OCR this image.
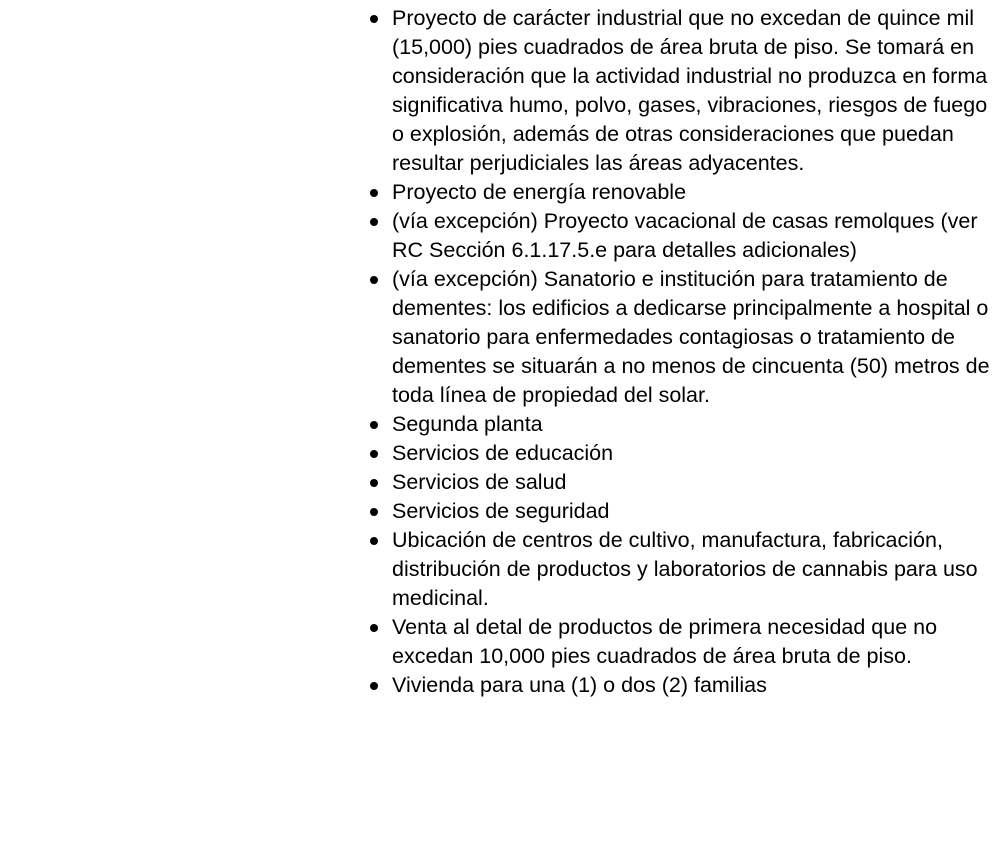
Proyecto de carácter industrial que no excedan de quince mil (15,000) pies cuadrados de área bruta de piso. Se tomará en consideración que la actividad industrial no produzca en forma significativa humo, polvo, gases, vibraciones, riesgos de fuego o explosión, además de otras consideraciones que puedan resultar perjudiciales las áreas adyacentes.
Proyecto de energía renovable
(vía excepción) Proyecto vacacional de casas remolques (ver RC Sección 6.1.17.5.e para detalles adicionales)
(vía excepción) Sanatorio e institución para tratamiento de dementes: los edificios a dedicarse principalmente a hospital o sanatorio para enfermedades contagiosas o tratamiento de dementes se situarán a no menos de cincuenta (50) metros de toda línea de propiedad del solar.
Segunda planta
Servicios de educación
Servicios de salud
Servicios de seguridad
Ubicación de centros de cultivo, manufactura, fabricación, distribución de productos y laboratorios de cannabis para uso medicinal.
Venta al detal de productos de primera necesidad que no excedan 10,000 pies cuadrados de área bruta de piso.
Vivienda para una (1) o dos (2) familias
